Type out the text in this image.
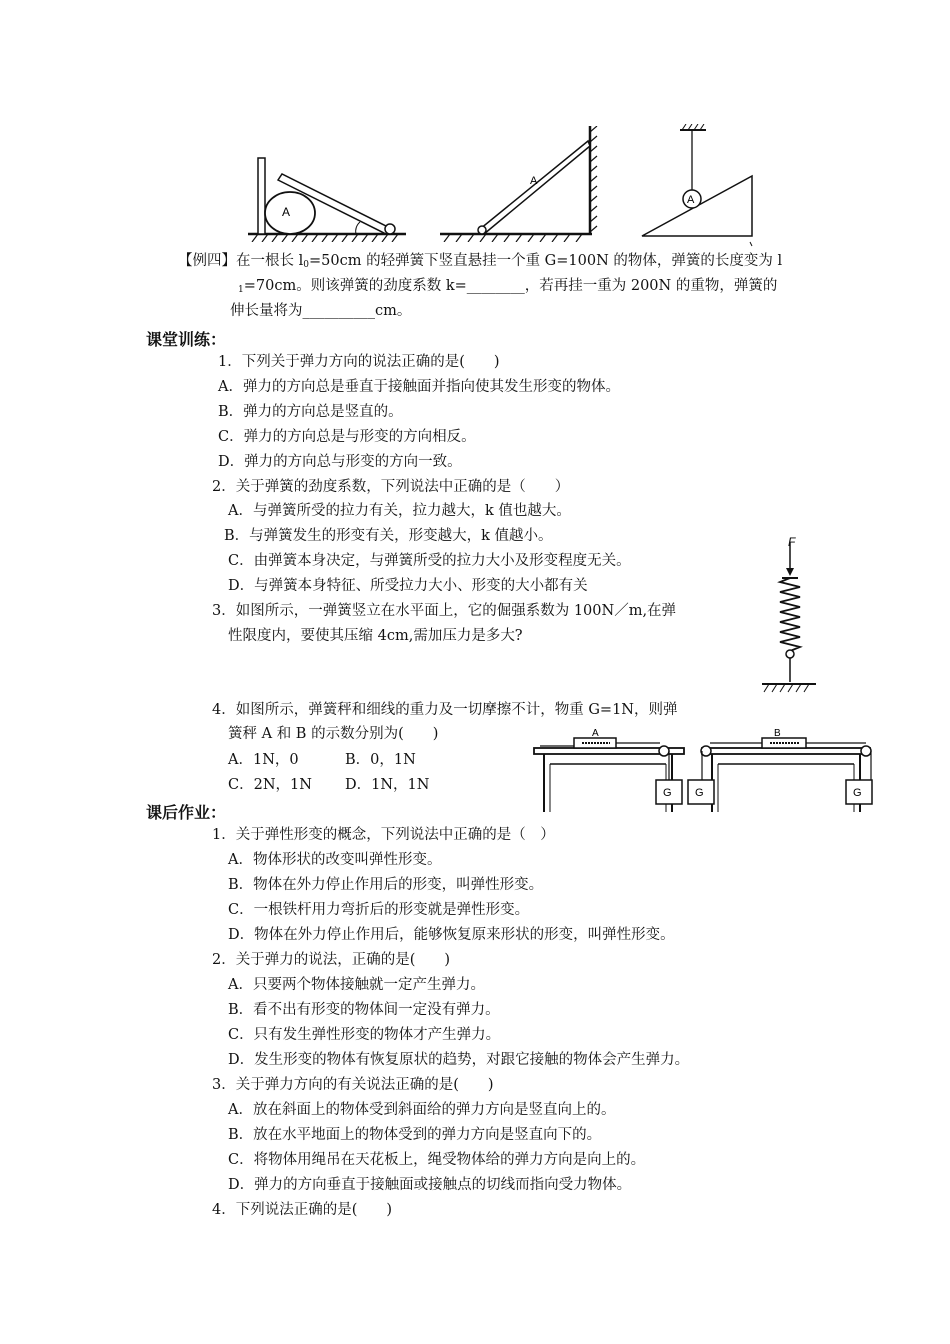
A
A
A
【例四】在一根长 $l_0=50cm$ 的轻弹簧下竖直悬挂一个重 G=100N 的物体，弹簧的长度变为 l
$_1$=70cm。则该弹簧的劲度系数 k=________，若再挂一重为 200N 的重物，弹簧的
伸长量将为__________cm。
课堂训练：
1．下列关于弹力方向的说法正确的是(　　)
A．弹力的方向总是垂直于接触面并指向使其发生形变的物体。
B．弹力的方向总是竖直的。
C．弹力的方向总是与形变的方向相反。
D．弹力的方向总与形变的方向一致。
2．关于弹簧的劲度系数，下列说法中正确的是（　　）
A．与弹簧所受的拉力有关，拉力越大，k 值也越大。
B．与弹簧发生的形变有关，形变越大，k 值越小。
C．由弹簧本身决定，与弹簧所受的拉力大小及形变程度无关。
D．与弹簧本身特征、所受拉力大小、形变的大小都有关
3．如图所示，一弹簧竖立在水平面上，它的倔强系数为 100N／m,在弹
性限度内，要使其压缩 4cm,需加压力是多大?
F
4．如图所示，弹簧秤和细线的重力及一切摩擦不计，物重 G=1N，则弹
簧秤 A 和 B 的示数分别为(　　)
A．1N，0	B．0，1N
C．2N，1N D．1N，1N	G
A
G	G
B
课后作业：
1．关于弹性形变的概念，下列说法中正确的是（　）
A．物体形状的改变叫弹性形变。
B．物体在外力停止作用后的形变，叫弹性形变。
C．一根铁杆用力弯折后的形变就是弹性形变。
D．物体在外力停止作用后，能够恢复原来形状的形变，叫弹性形变。
2．关于弹力的说法，正确的是(　　)
A．只要两个物体接触就一定产生弹力。
B．看不出有形变的物体间一定没有弹力。
C．只有发生弹性形变的物体才产生弹力。
D．发生形变的物体有恢复原状的趋势，对跟它接触的物体会产生弹力。
3．关于弹力方向的有关说法正确的是(　　)
A．放在斜面上的物体受到斜面给的弹力方向是竖直向上的。
B．放在水平地面上的物体受到的弹力方向是竖直向下的。
C．将物体用绳吊在天花板上，绳受物体给的弹力方向是向上的。
D．弹力的方向垂直于接触面或接触点的切线而指向受力物体。
4．下列说法正确的是(　　)
